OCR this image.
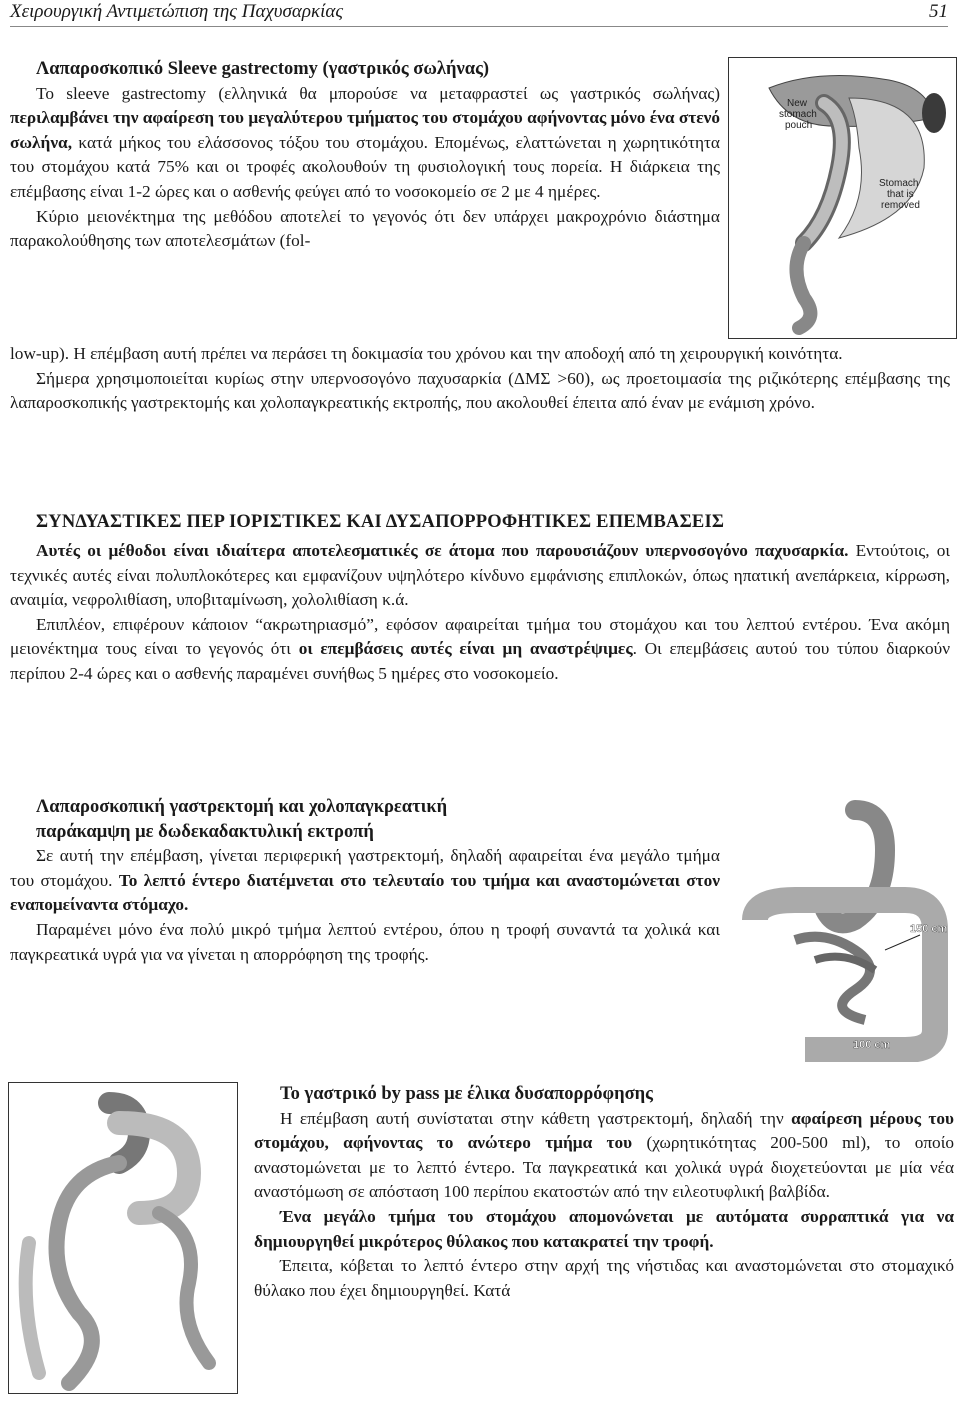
Χειρουργική Αντιμετώπιση της Παχυσαρκίας	51
New stomach pouch
Stomach that is removed

Λαπαροσκοπικό Sleeve gastrectomy (γαστρικός σωλήνας)

Το sleeve gastrectomy (ελληνικά θα μπορούσε να μεταφραστεί ως γαστρικός σωλήνας) περιλαμβάνει την αφαίρεση του μεγαλύτερου τμήματος του στομάχου αφήνοντας μόνο ένα στενό σωλήνα, κατά μήκος του ελάσσονος τόξου του στομάχου. Επομένως, ελαττώνεται η χωρητικότητα του στομάχου κατά 75% και οι τροφές ακολουθούν τη φυσιολογική τους πορεία. Η διάρκεια της επέμβασης είναι 1-2 ώρες και ο ασθενής φεύγει από το νοσοκομείο σε 2 με 4 ημέρες.

Κύριο μειονέκτημα της μεθόδου αποτελεί το γεγονός ότι δεν υπάρχει μακροχρόνιο διάστημα παρακολούθησης των αποτελεσμάτων (fol-

low-up). Η επέμβαση αυτή πρέπει να περάσει τη δοκιμασία του χρόνου και την αποδοχή από τη χειρουργική κοινότητα.

Σήμερα χρησιμοποιείται κυρίως στην υπερνοσογόνο παχυσαρκία (ΔΜΣ >60), ως προετοιμασία της ριζικότερης επέμβασης της λαπαροσκοπικής γαστρεκτομής και χολοπαγκρεατικής εκτροπής, που ακολουθεί έπειτα από έναν με ενάμιση χρόνο.

ΣΥΝΔΥΑΣΤΙΚΕΣ ΠΕΡ ΙΟΡΙΣΤΙΚΕΣ ΚΑΙ ΔΥΣΑΠΟΡΡΟΦΗΤΙΚΕΣ ΕΠΕΜΒΑΣΕΙΣ

Αυτές οι μέθοδοι είναι ιδιαίτερα αποτελεσματικές σε άτομα που παρουσιάζουν υπερνοσογόνο παχυσαρκία. Εντούτοις, οι τεχνικές αυτές είναι πολυπλοκότερες και εμφανίζουν υψηλότερο κίνδυνο εμφάνισης επιπλοκών, όπως ηπατική ανεπάρκεια, κίρρωση, αναιμία, νεφρολιθίαση, υποβιταμίνωση, χολολιθίαση κ.ά.

Επιπλέον, επιφέρουν κάποιον “ακρωτηριασμό”, εφόσον αφαιρείται τμήμα του στομάχου και του λεπτού εντέρου. Ένα ακόμη μειονέκτημα τους είναι το γεγονός ότι οι επεμβάσεις αυτές είναι μη αναστρέψιμες. Οι επεμβάσεις αυτού του τύπου διαρκούν περίπου 2-4 ώρες και ο ασθενής παραμένει συνήθως 5 ημέρες στο νοσοκομείο.

150 cm
100 cm

Λαπαροσκοπική γαστρεκτομή και χολοπαγκρεατική

παράκαμψη με δωδεκαδακτυλική εκτροπή

Σε αυτή την επέμβαση, γίνεται περιφερική γαστρεκτομή, δηλαδή αφαιρείται ένα μεγάλο τμήμα του στομάχου. Το λεπτό έντερο διατέμνεται στο τελευταίο του τμήμα και αναστομώνεται στον εναπομείναντα στόμαχο.

Παραμένει μόνο ένα πολύ μικρό τμήμα λεπτού εντέρου, όπου η τροφή συναντά τα χολικά και παγκρεατικά υγρά για να γίνεται η απορρόφηση της τροφής.

Το γαστρικό by pass με έλικα δυσαπορρόφησης

Η επέμβαση αυτή συνίσταται στην κάθετη γαστρεκτομή, δηλαδή την αφαίρεση μέρους του στομάχου, αφήνοντας το ανώτερο τμήμα του (χωρητικότητας 200-500 ml), το οποίο αναστομώνεται με το λεπτό έντερο. Τα παγκρεατικά και χολικά υγρά διοχετεύονται με μία νέα αναστόμωση σε απόσταση 100 περίπου εκατοστών από την ειλεοτυφλική βαλβίδα.

Ένα μεγάλο τμήμα του στομάχου απομονώνεται με αυτόματα συρραπτικά για να δημιουργηθεί μικρότερος θύλακος που κατακρατεί την τροφή.

Έπειτα, κόβεται το λεπτό έντερο στην αρχή της νήστιδας και αναστομώνεται στο στομαχικό θύλακο που έχει δημιουργηθεί. Κατά
